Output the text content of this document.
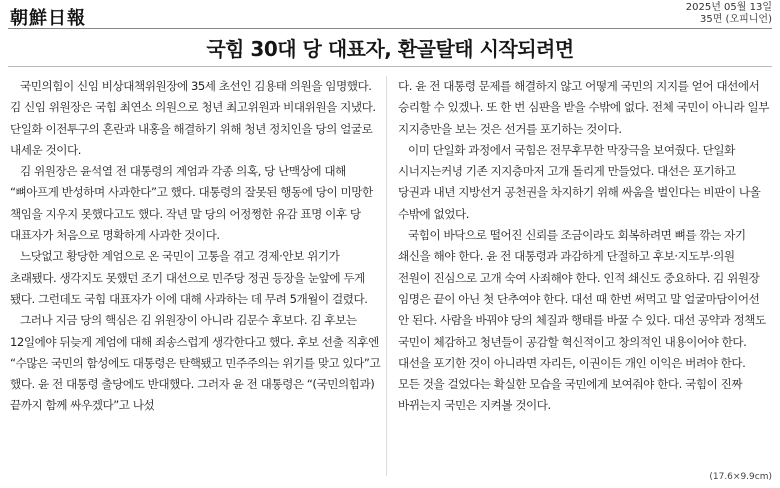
朝鮮日報
2025년 05월 13일
35면 (오피니언)
국힘 30대 당 대표자, 환골탈태 시작되려면

국민의힘이 신임 비상대책위원장에 35세 초선인 김용태 의원을 임명했다. 김 신임 위원장은 국힘 최연소 의원으로 청년 최고위원과 비대위원을 지냈다. 단일화 이전투구의 혼란과 내홍을 해결하기 위해 청년 정치인을 당의 얼굴로 내세운 것이다.

김 위원장은 윤석열 전 대통령의 계엄과 각종 의혹, 당 난맥상에 대해 “뼈아프게 반성하며 사과한다”고 했다. 대통령의 잘못된 행동에 당이 미망한 책임을 지우지 못했다고도 했다. 작년 말 당의 어정쩡한 유감 표명 이후 당 대표자가 처음으로 명확하게 사과한 것이다.

느닷없고 황당한 계엄으로 온 국민이 고통을 겪고 경제·안보 위기가 초래됐다. 생각지도 못했던 조기 대선으로 민주당 정권 등장을 눈앞에 두게 됐다. 그런데도 국힘 대표자가 이에 대해 사과하는 데 무려 5개월이 걸렸다.

그러나 지금 당의 핵심은 김 위원장이 아니라 김문수 후보다. 김 후보는 12일에야 뒤늦게 계엄에 대해 죄송스럽게 생각한다고 했다. 후보 선출 직후엔 “수많은 국민의 함성에도 대통령은 탄핵됐고 민주주의는 위기를 맞고 있다”고 했다. 윤 전 대통령 출당에도 반대했다. 그러자 윤 전 대통령은 “(국민의힘과) 끝까지 함께 싸우겠다”고 나섰

다. 윤 전 대통령 문제를 해결하지 않고 어떻게 국민의 지지를 얻어 대선에서 승리할 수 있겠나. 또 한 번 심판을 받을 수밖에 없다. 전체 국민이 아니라 일부 지지층만을 보는 것은 선거를 포기하는 것이다.

이미 단일화 과정에서 국힘은 전무후무한 막장극을 보여줬다. 단일화 시너지는커녕 기존 지지층마저 고개 돌리게 만들었다. 대선은 포기하고 당권과 내년 지방선거 공천권을 차지하기 위해 싸움을 벌인다는 비판이 나올 수밖에 없었다.

국힘이 바닥으로 떨어진 신뢰를 조금이라도 회복하려면 뼈를 깎는 자기 쇄신을 해야 한다. 윤 전 대통령과 과감하게 단절하고 후보·지도부·의원 전원이 진심으로 고개 숙여 사죄해야 한다. 인적 쇄신도 중요하다. 김 위원장 임명은 끝이 아닌 첫 단추여야 한다. 대선 때 한번 써먹고 말 얼굴마담이어선 안 된다. 사람을 바꿔야 당의 체질과 행태를 바꿀 수 있다. 대선 공약과 정책도 국민이 체감하고 청년들이 공감할 혁신적이고 창의적인 내용이어야 한다. 대선을 포기한 것이 아니라면 자리든, 이권이든 개인 이익은 버려야 한다. 모든 것을 걸었다는 확실한 모습을 국민에게 보여줘야 한다. 국힘이 진짜 바뀌는지 국민은 지켜볼 것이다.

(17.6×9.9cm)
